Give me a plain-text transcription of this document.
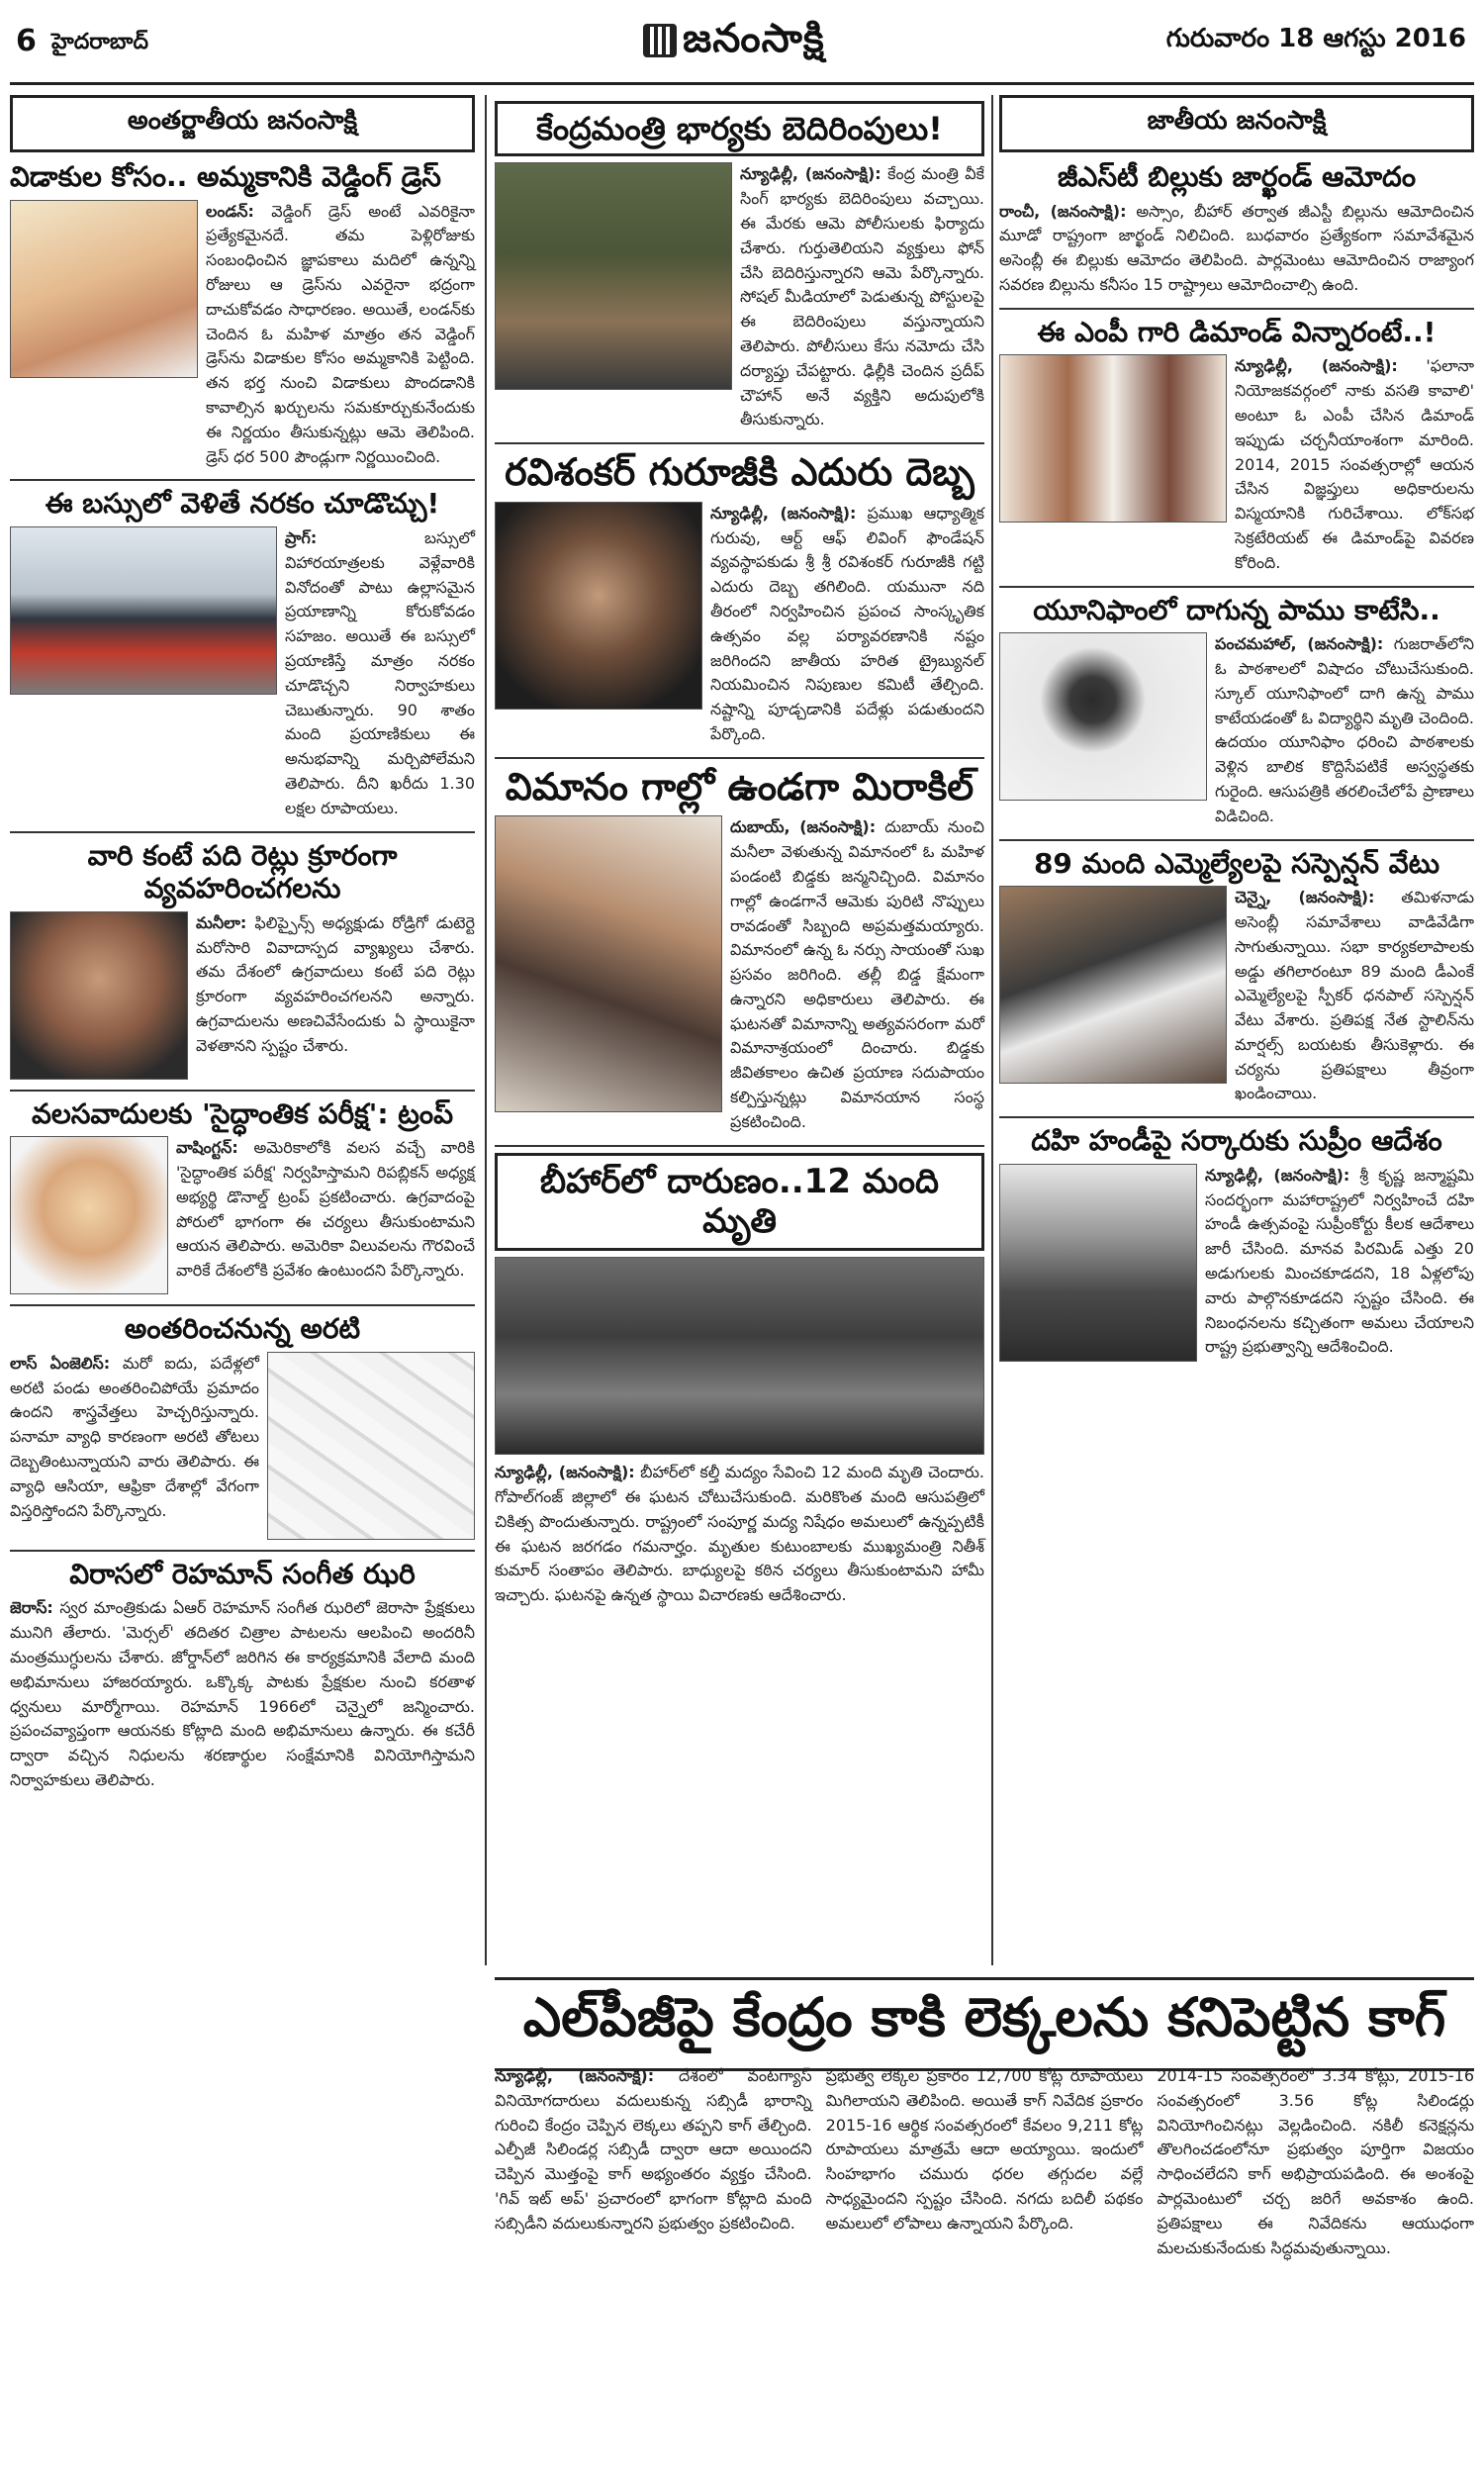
6 హైదరాబాద్	జనంసాక్షి	గురువారం 18 ఆగస్టు 2016
అంతర్జాతీయ జనంసాక్షి
విడాకుల కోసం.. అమ్మకానికి వెడ్డింగ్ డ్రెస్

లండన్: వెడ్డింగ్ డ్రెస్ అంటే ఎవరికైనా ప్రత్యేకమైనదే. తమ పెళ్లిరోజుకు సంబంధించిన జ్ఞాపకాలు మదిలో ఉన్నన్ని రోజులు ఆ డ్రెస్‌ను ఎవరైనా భద్రంగా దాచుకోవడం సాధారణం. అయితే, లండన్‌కు చెందిన ఓ మహిళ మాత్రం తన వెడ్డింగ్ డ్రెస్‌ను విడాకుల కోసం అమ్మకానికి పెట్టింది. తన భర్త నుంచి విడాకులు పొందడానికి కావాల్సిన ఖర్చులను సమకూర్చుకునేందుకు ఈ నిర్ణయం తీసుకున్నట్లు ఆమె తెలిపింది. డ్రెస్ ధర 500 పౌండ్లుగా నిర్ణయించింది.

ఈ బస్సులో వెళితే నరకం చూడొచ్చు!

ప్రాగ్:	బస్సులో విహారయాత్రలకు వెళ్లేవారికి వినోదంతో పాటు ఉల్లాసమైన ప్రయాణాన్ని కోరుకోవడం సహజం. అయితే ఈ బస్సులో ప్రయాణిస్తే మాత్రం నరకం చూడొచ్చని నిర్వాహకులు చెబుతున్నారు. 90 శాతం మంది ప్రయాణికులు ఈ అనుభవాన్ని మర్చిపోలేమని తెలిపారు. దీని ఖరీదు 1.30 లక్షల రూపాయలు.

వారి కంటే పది రెట్లు క్రూరంగా వ్యవహరించగలను

మనీలా: ఫిలిప్పైన్స్ అధ్యక్షుడు రోడ్రిగో డుటెర్టె మరోసారి వివాదాస్పద వ్యాఖ్యలు చేశారు. తమ దేశంలో ఉగ్రవాదులు కంటే పది రెట్లు క్రూరంగా వ్యవహరించగలనని అన్నారు. ఉగ్రవాదులను అణచివేసేందుకు ఏ స్థాయికైనా వెళతానని స్పష్టం చేశారు.

వలసవాదులకు 'సైద్ధాంతిక పరీక్ష': ట్రంప్

వాషింగ్టన్: అమెరికాలోకి వలస వచ్చే వారికి 'సైద్ధాంతిక పరీక్ష' నిర్వహిస్తామని రిపబ్లికన్ అధ్యక్ష అభ్యర్థి డొనాల్డ్ ట్రంప్ ప్రకటించారు. ఉగ్రవాదంపై పోరులో భాగంగా ఈ చర్యలు తీసుకుంటామని ఆయన తెలిపారు. అమెరికా విలువలను గౌరవించే వారికే దేశంలోకి ప్రవేశం ఉంటుందని పేర్కొన్నారు.

అంతరించనున్న అరటి

లాస్ ఏంజెలిస్: మరో ఐదు, పదేళ్లలో అరటి పండు అంతరించిపోయే ప్రమాదం ఉందని శాస్త్రవేత్తలు హెచ్చరిస్తున్నారు. పనామా వ్యాధి కారణంగా అరటి తోటలు దెబ్బతింటున్నాయని వారు తెలిపారు. ఈ వ్యాధి ఆసియా, ఆఫ్రికా దేశాల్లో వేగంగా విస్తరిస్తోందని పేర్కొన్నారు.

విరాసలో రెహమాన్ సంగీత ఝరి

జెరాస్: స్వర మాంత్రికుడు ఏఆర్ రెహమాన్ సంగీత ఝరిలో జెరాసా ప్రేక్షకులు మునిగి తేలారు. 'మెర్సల్' తదితర చిత్రాల పాటలను ఆలపించి అందరినీ మంత్రముగ్ధులను చేశారు. జోర్డాన్‌లో జరిగిన ఈ కార్యక్రమానికి వేలాది మంది అభిమానులు హాజరయ్యారు. ఒక్కొక్క పాటకు ప్రేక్షకుల నుంచి కరతాళ ధ్వనులు మార్మోగాయి. రెహమాన్ 1966లో చెన్నైలో జన్మించారు. ప్రపంచవ్యాప్తంగా ఆయనకు కోట్లాది మంది అభిమానులు ఉన్నారు. ఈ కచేరీ ద్వారా వచ్చిన నిధులను శరణార్థుల సంక్షేమానికి వినియోగిస్తామని నిర్వాహకులు తెలిపారు.

కేంద్రమంత్రి భార్యకు బెదిరింపులు!

న్యూఢిల్లీ, (జనంసాక్షి): కేంద్ర మంత్రి వీకే సింగ్ భార్యకు బెదిరింపులు వచ్చాయి. ఈ మేరకు ఆమె పోలీసులకు ఫిర్యాదు చేశారు. గుర్తుతెలియని వ్యక్తులు ఫోన్ చేసి బెదిరిస్తున్నారని ఆమె పేర్కొన్నారు. సోషల్ మీడియాలో పెడుతున్న పోస్టులపై ఈ బెదిరింపులు వస్తున్నాయని తెలిపారు. పోలీసులు కేసు నమోదు చేసి దర్యాప్తు చేపట్టారు. ఢిల్లీకి చెందిన ప్రదీప్ చౌహాన్ అనే వ్యక్తిని అదుపులోకి తీసుకున్నారు.

రవిశంకర్ గురూజీకి ఎదురు దెబ్బ

న్యూఢిల్లీ, (జనంసాక్షి): ప్రముఖ ఆధ్యాత్మిక గురువు, ఆర్ట్ ఆఫ్ లివింగ్ ఫౌండేషన్ వ్యవస్థాపకుడు శ్రీ శ్రీ రవిశంకర్ గురూజీకి గట్టి ఎదురు దెబ్బ తగిలింది. యమునా నది తీరంలో నిర్వహించిన ప్రపంచ సాంస్కృతిక ఉత్సవం వల్ల పర్యావరణానికి నష్టం జరిగిందని జాతీయ హరిత ట్రైబ్యునల్ నియమించిన నిపుణుల కమిటీ తేల్చింది. నష్టాన్ని పూడ్చడానికి పదేళ్లు పడుతుందని పేర్కొంది.

విమానం గాల్లో ఉండగా మిరాకిల్

దుబాయ్, (జనంసాక్షి): దుబాయ్ నుంచి మనీలా వెళుతున్న విమానంలో ఓ మహిళ పండంటి బిడ్డకు జన్మనిచ్చింది. విమానం గాల్లో ఉండగానే ఆమెకు పురిటి నొప్పులు రావడంతో సిబ్బంది అప్రమత్తమయ్యారు. విమానంలో ఉన్న ఓ నర్సు సాయంతో సుఖ ప్రసవం జరిగింది. తల్లీ బిడ్డ క్షేమంగా ఉన్నారని అధికారులు తెలిపారు. ఈ ఘటనతో విమానాన్ని అత్యవసరంగా మరో విమానాశ్రయంలో దించారు. బిడ్డకు జీవితకాలం ఉచిత ప్రయాణ సదుపాయం కల్పిస్తున్నట్లు విమానయాన సంస్థ ప్రకటించింది.

బీహార్‌లో దారుణం..12 మంది మృతి

న్యూఢిల్లీ, (జనంసాక్షి): బీహార్‌లో కల్తీ మద్యం సేవించి 12 మంది మృతి చెందారు. గోపాల్‌గంజ్ జిల్లాలో ఈ ఘటన చోటుచేసుకుంది. మరికొంత మంది ఆసుపత్రిలో చికిత్స పొందుతున్నారు. రాష్ట్రంలో సంపూర్ణ మద్య నిషేధం అమలులో ఉన్నప్పటికీ ఈ ఘటన జరగడం గమనార్హం. మృతుల కుటుంబాలకు ముఖ్యమంత్రి నితీశ్ కుమార్ సంతాపం తెలిపారు. బాధ్యులపై కఠిన చర్యలు తీసుకుంటామని హామీ ఇచ్చారు. ఘటనపై ఉన్నత స్థాయి విచారణకు ఆదేశించారు.

జాతీయ జనంసాక్షి
జీఎస్‌టీ బిల్లుకు జార్ఖండ్ ఆమోదం

రాంచీ, (జనంసాక్షి): అస్సాం, బీహార్ తర్వాత జీఎస్టీ బిల్లును ఆమోదించిన మూడో రాష్ట్రంగా జార్ఖండ్ నిలిచింది. బుధవారం ప్రత్యేకంగా సమావేశమైన అసెంబ్లీ ఈ బిల్లుకు ఆమోదం తెలిపింది. పార్లమెంటు ఆమోదించిన రాజ్యాంగ సవరణ బిల్లును కనీసం 15 రాష్ట్రాలు ఆమోదించాల్సి ఉంది.

ఈ ఎంపీ గారి డిమాండ్ విన్నారంటే..!

న్యూఢిల్లీ, (జనంసాక్షి): 'ఫలానా నియోజకవర్గంలో నాకు వసతి కావాలి' అంటూ ఓ ఎంపీ చేసిన డిమాండ్ ఇప్పుడు చర్చనీయాంశంగా మారింది. 2014, 2015 సంవత్సరాల్లో ఆయన చేసిన విజ్ఞప్తులు అధికారులను విస్మయానికి గురిచేశాయి. లోక్‌సభ సెక్రటేరియట్ ఈ డిమాండ్‌పై వివరణ కోరింది.

యూనిఫాంలో దాగున్న పాము కాటేసి..

పంచమహాల్, (జనంసాక్షి): గుజరాత్‌లోని ఓ పాఠశాలలో విషాదం చోటుచేసుకుంది. స్కూల్ యూనిఫాంలో దాగి ఉన్న పాము కాటేయడంతో ఓ విద్యార్థిని మృతి చెందింది. ఉదయం యూనిఫాం ధరించి పాఠశాలకు వెళ్లిన బాలిక కొద్దిసేపటికే అస్వస్థతకు గురైంది. ఆసుపత్రికి తరలించేలోపే ప్రాణాలు విడిచింది.

89 మంది ఎమ్మెల్యేలపై సస్పెన్షన్ వేటు

చెన్నై, (జనంసాక్షి): తమిళనాడు అసెంబ్లీ సమావేశాలు వాడివేడిగా సాగుతున్నాయి. సభా కార్యకలాపాలకు అడ్డు తగిలారంటూ 89 మంది డీఎంకే ఎమ్మెల్యేలపై స్పీకర్ ధనపాల్ సస్పెన్షన్ వేటు వేశారు. ప్రతిపక్ష నేత స్టాలిన్‌ను మార్షల్స్ బయటకు తీసుకెళ్లారు. ఈ చర్యను ప్రతిపక్షాలు తీవ్రంగా ఖండించాయి.

దహి హండీపై సర్కారుకు సుప్రీం ఆదేశం

న్యూఢిల్లీ, (జనంసాక్షి): శ్రీ కృష్ణ జన్మాష్టమి సందర్భంగా మహారాష్ట్రలో నిర్వహించే దహి హండీ ఉత్సవంపై సుప్రీంకోర్టు కీలక ఆదేశాలు జారీ చేసింది. మానవ పిరమిడ్ ఎత్తు 20 అడుగులకు మించకూడదని, 18 ఏళ్లలోపు వారు పాల్గొనకూడదని స్పష్టం చేసింది. ఈ నిబంధనలను కచ్చితంగా అమలు చేయాలని రాష్ట్ర ప్రభుత్వాన్ని ఆదేశించింది.

ఎల్‌పీజీపై కేంద్రం కాకి లెక్కలను కనిపెట్టిన కాగ్

న్యూఢిల్లీ, (జనంసాక్షి): దేశంలో వంటగ్యాస్ వినియోగదారులు వదులుకున్న సబ్సిడీ భారాన్ని గురించి కేంద్రం చెప్పిన లెక్కలు తప్పని కాగ్ తేల్చింది. ఎల్పీజీ సిలిండర్ల సబ్సిడీ ద్వారా ఆదా అయిందని చెప్పిన మొత్తంపై కాగ్ అభ్యంతరం వ్యక్తం చేసింది. 'గివ్ ఇట్ అప్' ప్రచారంలో భాగంగా కోట్లాది మంది సబ్సిడీని వదులుకున్నారని ప్రభుత్వం ప్రకటించింది.

ప్రభుత్వ లెక్కల ప్రకారం 12,700 కోట్ల రూపాయలు మిగిలాయని తెలిపింది. అయితే కాగ్ నివేదిక ప్రకారం 2015-16 ఆర్థిక సంవత్సరంలో కేవలం 9,211 కోట్ల రూపాయలు మాత్రమే ఆదా అయ్యాయి. ఇందులో సింహభాగం చమురు ధరల తగ్గుదల వల్లే సాధ్యమైందని స్పష్టం చేసింది. నగదు బదిలీ పథకం అమలులో లోపాలు ఉన్నాయని పేర్కొంది.

2014-15 సంవత్సరంలో 3.34 కోట్లు, 2015-16 సంవత్సరంలో 3.56 కోట్ల సిలిండర్లు వినియోగించినట్లు వెల్లడించింది. నకిలీ కనెక్షన్లను తొలగించడంలోనూ ప్రభుత్వం పూర్తిగా విజయం సాధించలేదని కాగ్ అభిప్రాయపడింది. ఈ అంశంపై పార్లమెంటులో చర్చ జరిగే అవకాశం ఉంది. ప్రతిపక్షాలు ఈ నివేదికను ఆయుధంగా మలచుకునేందుకు సిద్ధమవుతున్నాయి.
